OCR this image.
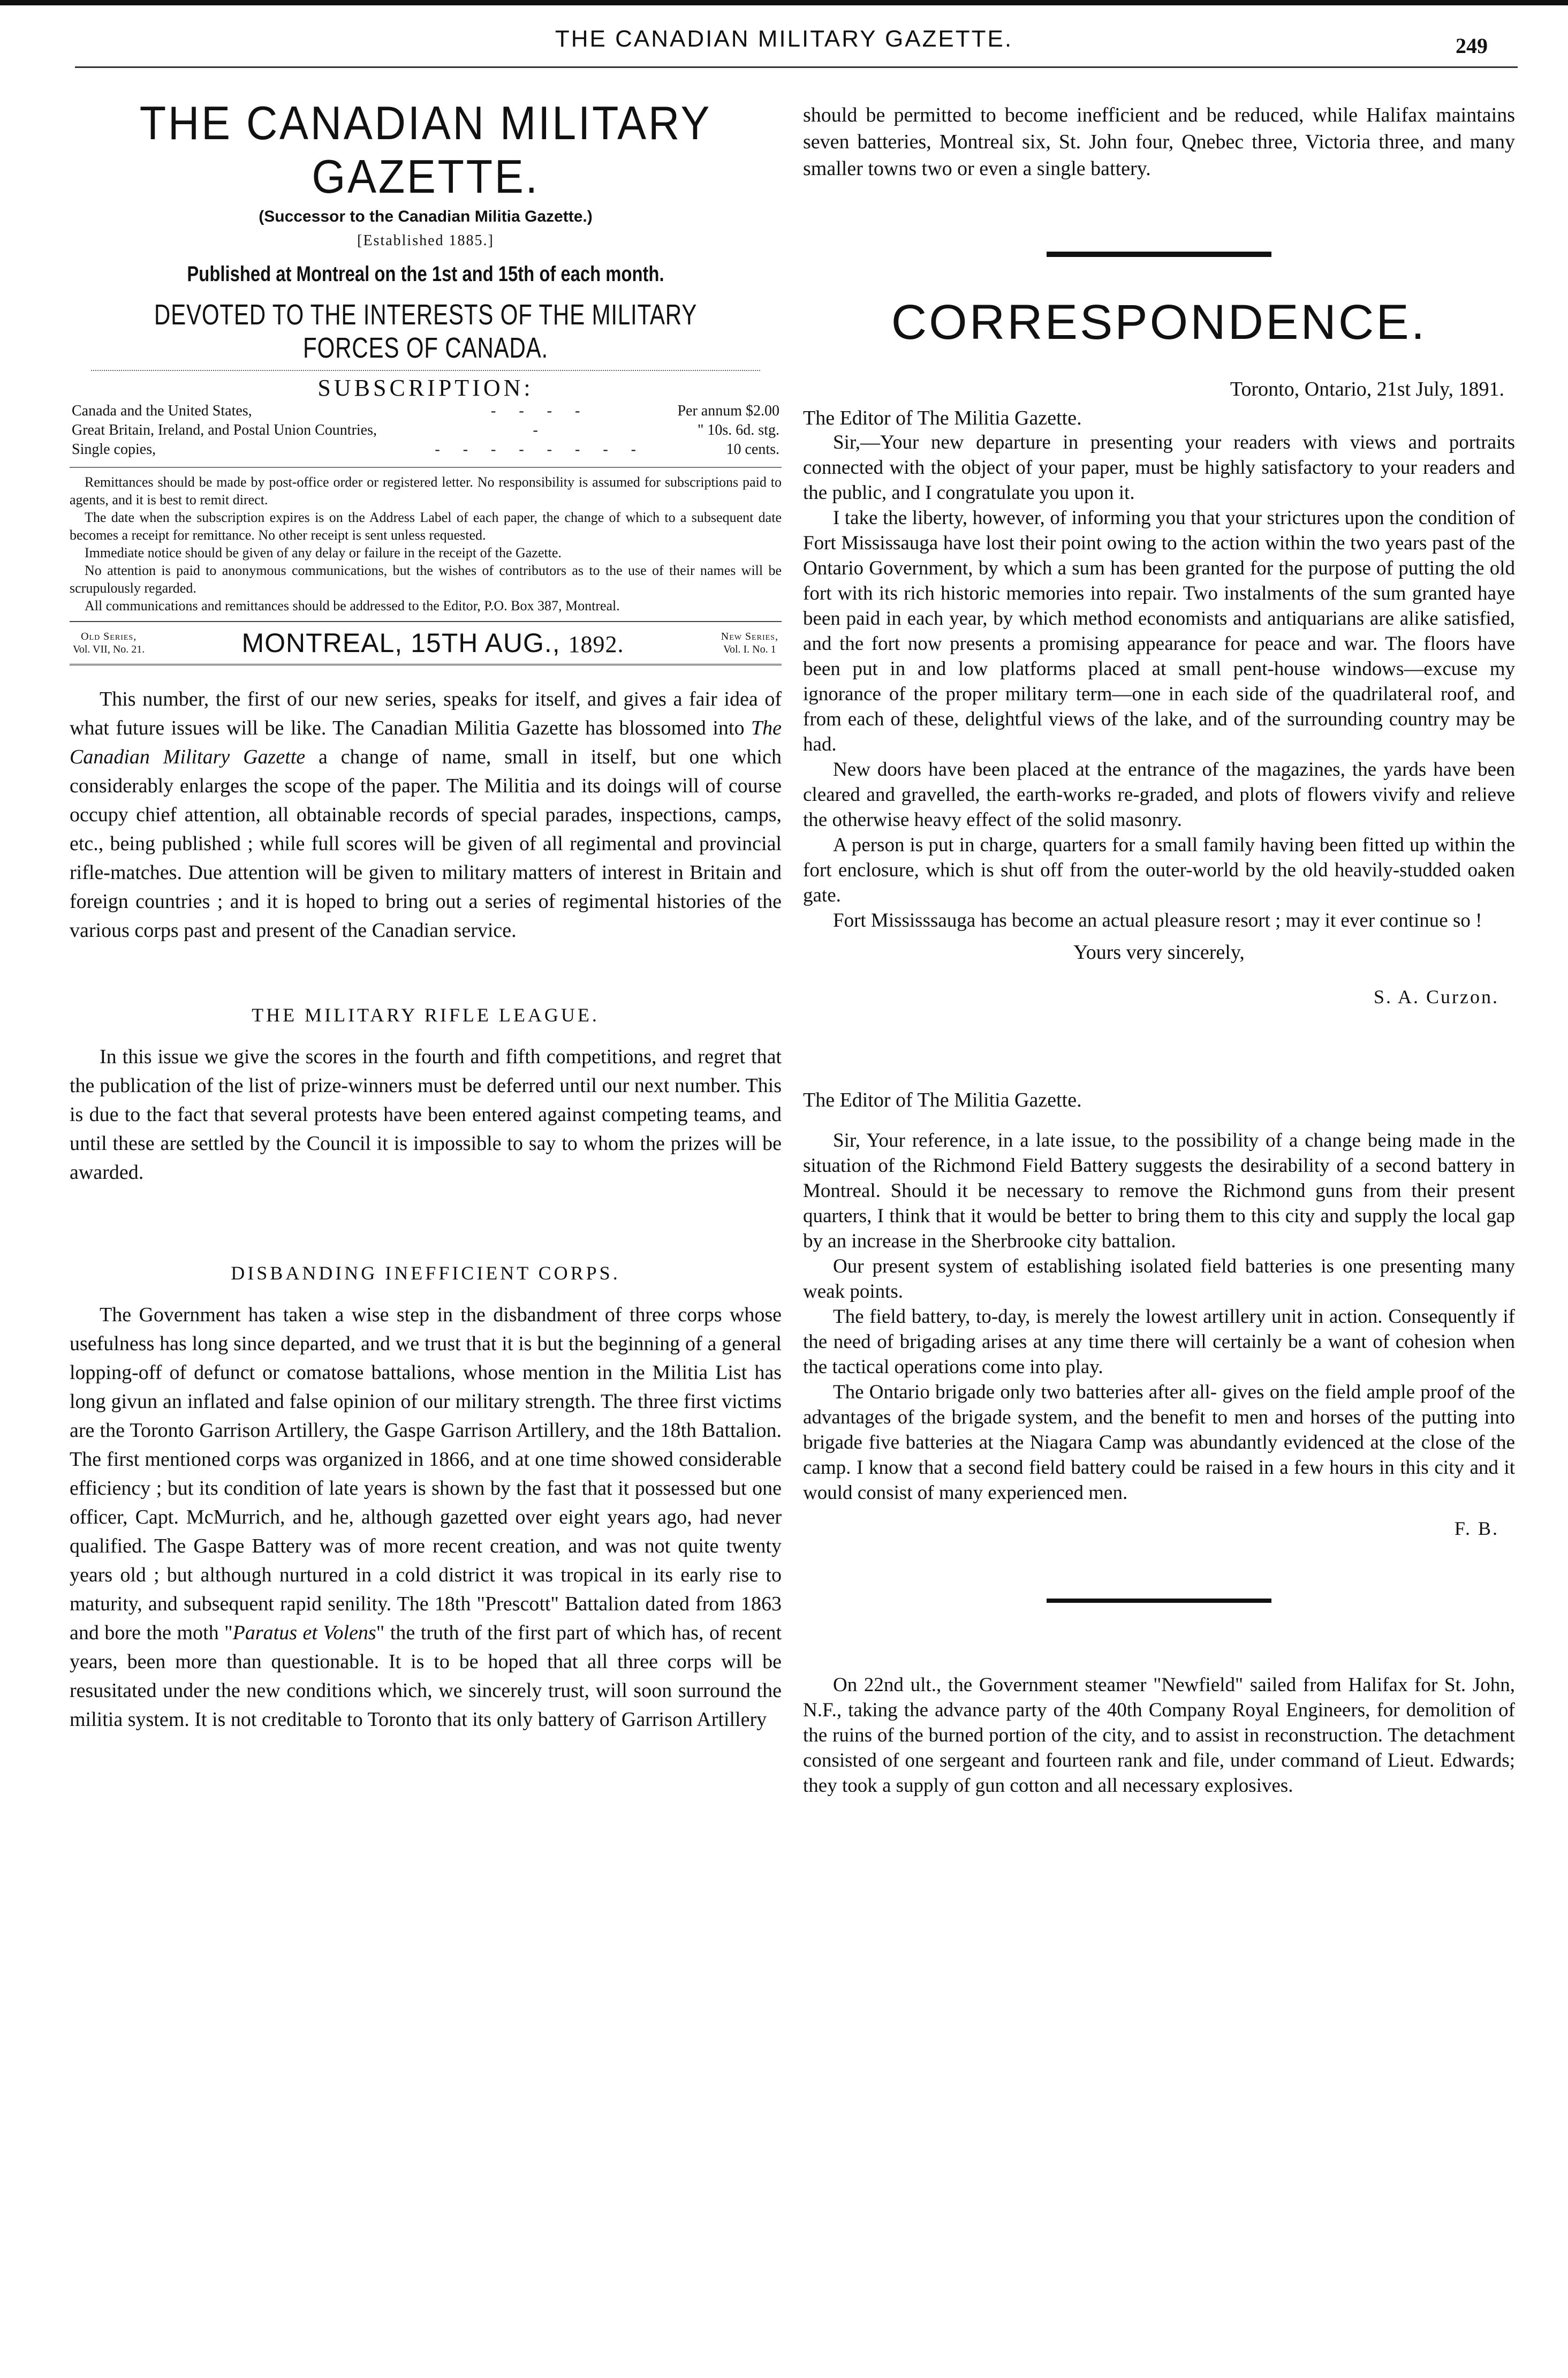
THE CANADIAN MILITARY GAZETTE.	249
THE CANADIAN MILITARY GAZETTE.
(Successor to the Canadian Militia Gazette.)
[Established 1885.]
Published at Montreal on the 1st and 15th of each month.
DEVOTED TO THE INTERESTS OF THE MILITARY FORCES OF CANADA.
SUBSCRIPTION:
Canada and the United States,	- - - -	Per annum $2.00
Great Britain, Ireland, and Postal Union Countries,	-	" 10s. 6d. stg.
Single copies,	- - - - - - - -	10 cents.

Remittances should be made by post-office order or registered letter. No responsibility is assumed for subscriptions paid to agents, and it is best to remit direct.

The date when the subscription expires is on the Address Label of each paper, the change of which to a subsequent date becomes a receipt for remittance. No other receipt is sent unless requested.

Immediate notice should be given of any delay or failure in the receipt of the Gazette.

No attention is paid to anonymous communications, but the wishes of contributors as to the use of their names will be scrupulously regarded.

All communications and remittances should be addressed to the Editor, P.O. Box 387, Montreal.

Old Series,
Vol. VII, No. 21.	MONTREAL, 15TH AUG., 1892.	New Series,
Vol. I. No. 1

This number, the first of our new series, speaks for itself, and gives a fair idea of what future issues will be like. The Canadian Militia Gazette has blossomed into The Canadian Military Gazette a change of name, small in itself, but one which considerably enlarges the scope of the paper. The Militia and its doings will of course occupy chief attention, all obtainable records of special parades, inspections, camps, etc., being published ; while full scores will be given of all regimental and provincial rifle-matches. Due attention will be given to military matters of interest in Britain and foreign countries ; and it is hoped to bring out a series of regimental histories of the various corps past and present of the Canadian service.

THE MILITARY RIFLE LEAGUE.

In this issue we give the scores in the fourth and fifth competitions, and regret that the publication of the list of prize-winners must be deferred until our next number. This is due to the fact that several protests have been entered against competing teams, and until these are settled by the Council it is impossible to say to whom the prizes will be awarded.

DISBANDING INEFFICIENT CORPS.

The Government has taken a wise step in the disbandment of three corps whose usefulness has long since departed, and we trust that it is but the beginning of a general lopping-off of defunct or comatose battalions, whose mention in the Militia List has long givun an inflated and false opinion of our military strength. The three first victims are the Toronto Garrison Artillery, the Gaspe Garrison Artillery, and the 18th Battalion. The first mentioned corps was organized in 1866, and at one time showed considerable efficiency ; but its condition of late years is shown by the fast that it possessed but one officer, Capt. McMurrich, and he, although gazetted over eight years ago, had never qualified. The Gaspe Battery was of more recent creation, and was not quite twenty years old ; but although nurtured in a cold district it was tropical in its early rise to maturity, and subsequent rapid senility. The 18th "Prescott" Battalion dated from 1863 and bore the moth "Paratus et Volens" the truth of the first part of which has, of recent years, been more than questionable. It is to be hoped that all three corps will be resusitated under the new conditions which, we sincerely trust, will soon surround the militia system. It is not creditable to Toronto that its only battery of Garrison Artillery

should be permitted to become inefficient and be reduced, while Halifax maintains seven batteries, Montreal six, St. John four, Qnebec three, Victoria three, and many smaller towns two or even a single battery.

CORRESPONDENCE.
Toronto, Ontario, 21st July, 1891.
The Editor of The Militia Gazette.

Sir,—Your new departure in presenting your readers with views and portraits connected with the object of your paper, must be highly satisfactory to your readers and the public, and I congratulate you upon it.

I take the liberty, however, of informing you that your strictures upon the condition of Fort Mississauga have lost their point owing to the action within the two years past of the Ontario Government, by which a sum has been granted for the purpose of putting the old fort with its rich historic memories into repair. Two instalments of the sum granted haye been paid in each year, by which method economists and antiquarians are alike satisfied, and the fort now presents a promising appearance for peace and war. The floors have been put in and low platforms placed at small pent-house windows—excuse my ignorance of the proper military term—one in each side of the quadrilateral roof, and from each of these, delightful views of the lake, and of the surrounding country may be had.

New doors have been placed at the entrance of the magazines, the yards have been cleared and gravelled, the earth-works re-graded, and plots of flowers vivify and relieve the otherwise heavy effect of the solid masonry.

A person is put in charge, quarters for a small family having been fitted up within the fort enclosure, which is shut off from the outer-world by the old heavily-studded oaken gate.

Fort Mississsauga has become an actual pleasure resort ; may it ever continue so !

Yours very sincerely,
S. A. Curzon.
The Editor of The Militia Gazette.

Sir, Your reference, in a late issue, to the possibility of a change being made in the situation of the Richmond Field Battery suggests the desirability of a second battery in Montreal. Should it be necessary to remove the Richmond guns from their present quarters, I think that it would be better to bring them to this city and supply the local gap by an increase in the Sherbrooke city battalion.

Our present system of establishing isolated field batteries is one presenting many weak points.

The field battery, to-day, is merely the lowest artillery unit in action. Consequently if the need of brigading arises at any time there will certainly be a want of cohesion when the tactical operations come into play.

The Ontario brigade only two batteries after all- gives on the field ample proof of the advantages of the brigade system, and the benefit to men and horses of the putting into brigade five batteries at the Niagara Camp was abundantly evidenced at the close of the camp. I know that a second field battery could be raised in a few hours in this city and it would consist of many experienced men.

F. B.

On 22nd ult., the Government steamer "Newfield" sailed from Halifax for St. John, N.F., taking the advance party of the 40th Company Royal Engineers, for demolition of the ruins of the burned portion of the city, and to assist in reconstruction. The detachment consisted of one sergeant and fourteen rank and file, under command of Lieut. Edwards; they took a supply of gun cotton and all necessary explosives.
